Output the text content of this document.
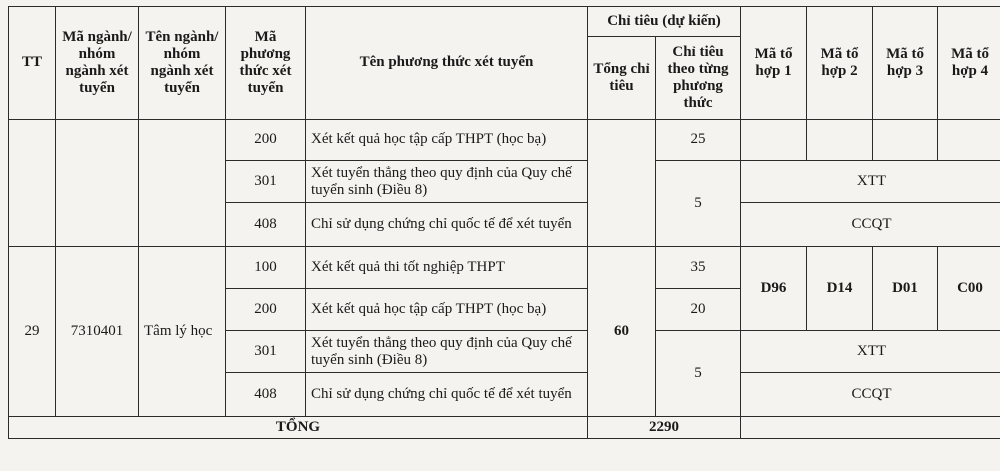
TT	Mã ngành/ nhóm ngành xét tuyển	Tên ngành/ nhóm ngành xét tuyển	Mã phương thức xét tuyển	Tên phương thức xét tuyển	Chỉ tiêu (dự kiến)		Mã tổ hợp 1	Mã tổ hợp 2	Mã tổ hợp 3	Mã tổ hợp 4
					Tổng chỉ tiêu	Chỉ tiêu theo từng phương thức				
			200	Xét kết quả học tập cấp THPT (học bạ)		25				
			301	Xét tuyển thẳng theo quy định của Quy chế tuyển sinh (Điều 8)		5	XTT			
			408	Chỉ sử dụng chứng chỉ quốc tế để xét tuyển			CCQT			
29	7310401	Tâm lý học	100	Xét kết quả thi tốt nghiệp THPT	60	35	D96	D14	D01	C00
			200	Xét kết quả học tập cấp THPT (học bạ)		20				
			301	Xét tuyển thẳng theo quy định của Quy chế tuyển sinh (Điều 8)		5	XTT			
			408	Chỉ sử dụng chứng chỉ quốc tế để xét tuyển			CCQT			
TỔNG					2290					
